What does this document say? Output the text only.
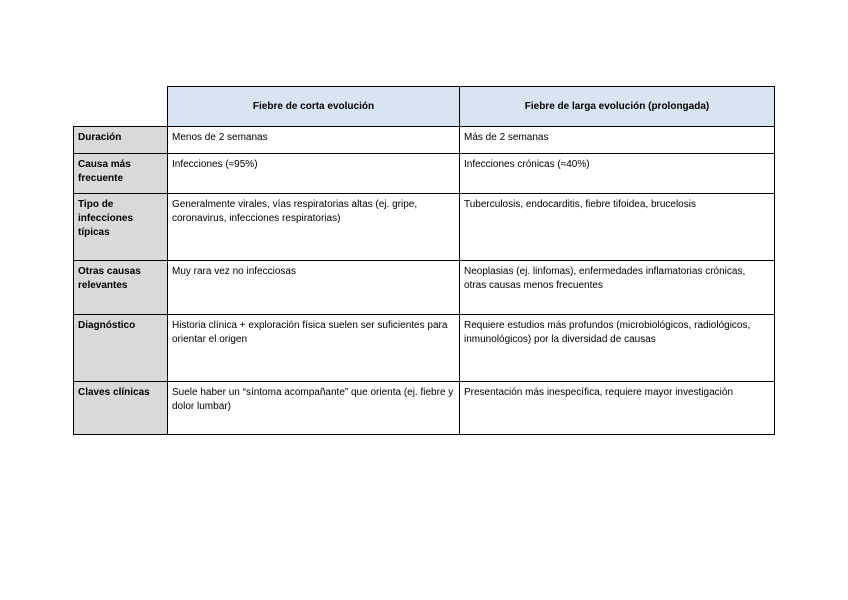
	Fiebre de corta evolución	Fiebre de larga evolución (prolongada)
Duración	Menos de 2 semanas	Más de 2 semanas
Causa más frecuente	Infecciones (≈95%)	Infecciones crónicas (≈40%)
Tipo de infecciones típicas	Generalmente virales, vías respiratorias altas (ej. gripe, coronavirus, infecciones respiratorias)	Tuberculosis, endocarditis, fiebre tifoidea, brucelosis
Otras causas relevantes	Muy rara vez no infecciosas	Neoplasias (ej. linfomas), enfermedades inflamatorias crónicas, otras causas menos frecuentes
Diagnóstico	Historia clínica + exploración física suelen ser suficientes para orientar el origen	Requiere estudios más profundos (microbiológicos, radiológicos, inmunológicos) por la diversidad de causas
Claves clínicas	Suele haber un “síntoma acompañante” que orienta (ej. fiebre y dolor lumbar)	Presentación más inespecífica, requiere mayor investigación
